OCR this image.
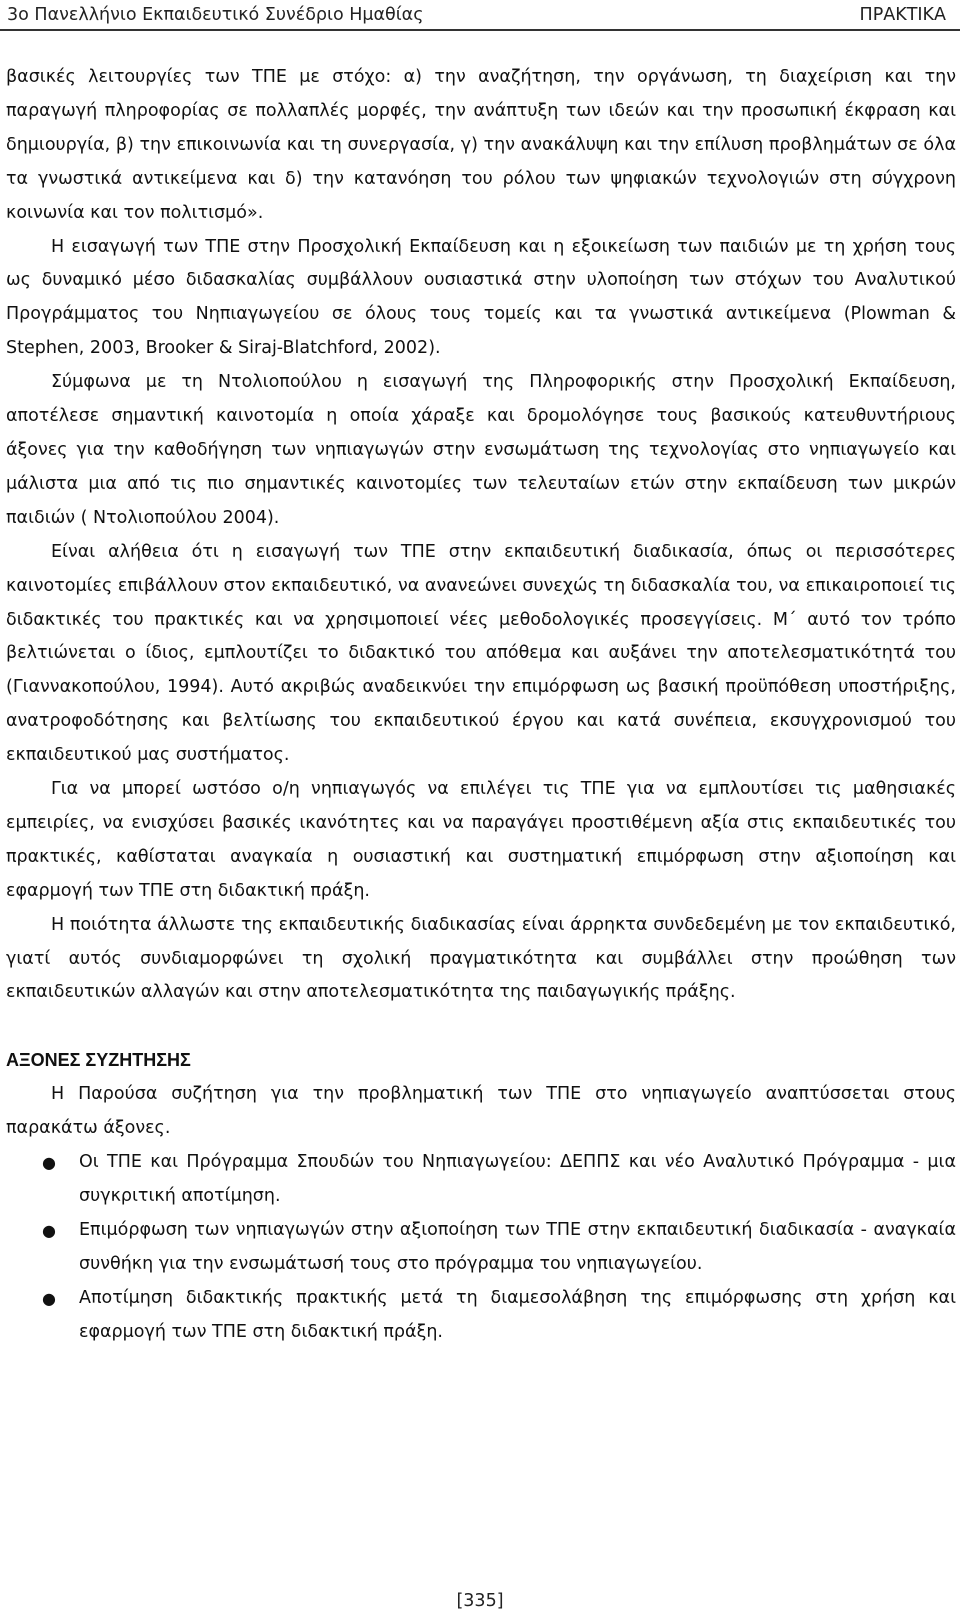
3ο Πανελλήνιο Εκπαιδευτικό Συνέδριο Ημαθίας	ΠΡΑΚΤΙΚΑ

βασικές λειτουργίες των ΤΠΕ με στόχο: α) την αναζήτηση, την οργάνωση, τη διαχείριση και την παραγωγή πληροφορίας σε πολλαπλές μορφές, την ανάπτυξη των ιδεών και την προσωπική έκφραση και δημιουργία, β) την επικοινωνία και τη συνεργασία, γ) την ανακάλυψη και την επίλυση προβλημάτων σε όλα τα γνωστικά αντικείμενα και δ) την κατανόηση του ρόλου των ψηφιακών τεχνολογιών στη σύγχρονη κοινωνία και τον πολιτισμό».

Η εισαγωγή των ΤΠΕ στην Προσχολική Εκπαίδευση και η εξοικείωση των παιδιών με τη χρήση τους ως δυναμικό μέσο διδασκαλίας συμβάλλουν ουσιαστικά στην υλοποίηση των στόχων του Αναλυτικού Προγράμματος του Νηπιαγωγείου σε όλους τους τομείς και τα γνωστικά αντικείμενα (Plowman & Stephen, 2003, Brooker & Siraj-Blatchford, 2002).

Σύμφωνα με τη Ντολιοπούλου η εισαγωγή της Πληροφορικής στην Προσχολική Εκπαίδευση, αποτέλεσε σημαντική καινοτομία η οποία χάραξε και δρομολόγησε τους βασικούς κατευθυντήριους άξονες για την καθοδήγηση των νηπιαγωγών στην ενσωμάτωση της τεχνολογίας στο νηπιαγωγείο και μάλιστα μια από τις πιο σημαντικές καινοτομίες των τελευταίων ετών στην εκπαίδευση των μικρών παιδιών ( Ντολιοπούλου 2004).

Είναι αλήθεια ότι η εισαγωγή των ΤΠΕ στην εκπαιδευτική διαδικασία, όπως οι περισσότερες καινοτομίες επιβάλλουν στον εκπαιδευτικό, να ανανεώνει συνεχώς τη διδασκαλία του, να επικαιροποιεί τις διδακτικές του πρακτικές και να χρησιμοποιεί νέες μεθοδολογικές προσεγγίσεις. Μ΄ αυτό τον τρόπο βελτιώνεται ο ίδιος, εμπλουτίζει το διδακτικό του απόθεμα και αυξάνει την αποτελεσματικότητά του (Γιαννακοπούλου, 1994). Αυτό ακριβώς αναδεικνύει την επιμόρφωση ως βασική προϋπόθεση υποστήριξης, ανατροφοδότησης και βελτίωσης του εκπαιδευτικού έργου και κατά συνέπεια, εκσυγχρονισμού του εκπαιδευτικού μας συστήματος.

Για να μπορεί ωστόσο ο/η νηπιαγωγός να επιλέγει τις ΤΠΕ για να εμπλουτίσει τις μαθησιακές εμπειρίες, να ενισχύσει βασικές ικανότητες και να παραγάγει προστιθέμενη αξία στις εκπαιδευτικές του πρακτικές, καθίσταται αναγκαία η ουσιαστική και συστηματική επιμόρφωση στην αξιοποίηση και εφαρμογή των ΤΠΕ στη διδακτική πράξη.

Η ποιότητα άλλωστε της εκπαιδευτικής διαδικασίας είναι άρρηκτα συνδεδεμένη με τον εκπαιδευτικό, γιατί αυτός συνδιαμορφώνει τη σχολική πραγματικότητα και συμβάλλει στην προώθηση των εκπαιδευτικών αλλαγών και στην αποτελεσματικότητα της παιδαγωγικής πράξης.

ΑΞΟΝΕΣ ΣΥΖΗΤΗΣΗΣ

Η Παρούσα συζήτηση για την προβληματική των ΤΠΕ στο νηπιαγωγείο αναπτύσσεται στους παρακάτω άξονες.

● Οι ΤΠΕ και Πρόγραμμα Σπουδών του Νηπιαγωγείου: ΔΕΠΠΣ και νέο Αναλυτικό Πρόγραμμα - μια συγκριτική αποτίμηση.
● Επιμόρφωση των νηπιαγωγών στην αξιοποίηση των ΤΠΕ στην εκπαιδευτική διαδικασία - αναγκαία συνθήκη για την ενσωμάτωσή τους στο πρόγραμμα του νηπιαγωγείου.
● Αποτίμηση διδακτικής πρακτικής μετά τη διαμεσολάβηση της επιμόρφωσης στη χρήση και εφαρμογή των ΤΠΕ στη διδακτική πράξη.
[335]
